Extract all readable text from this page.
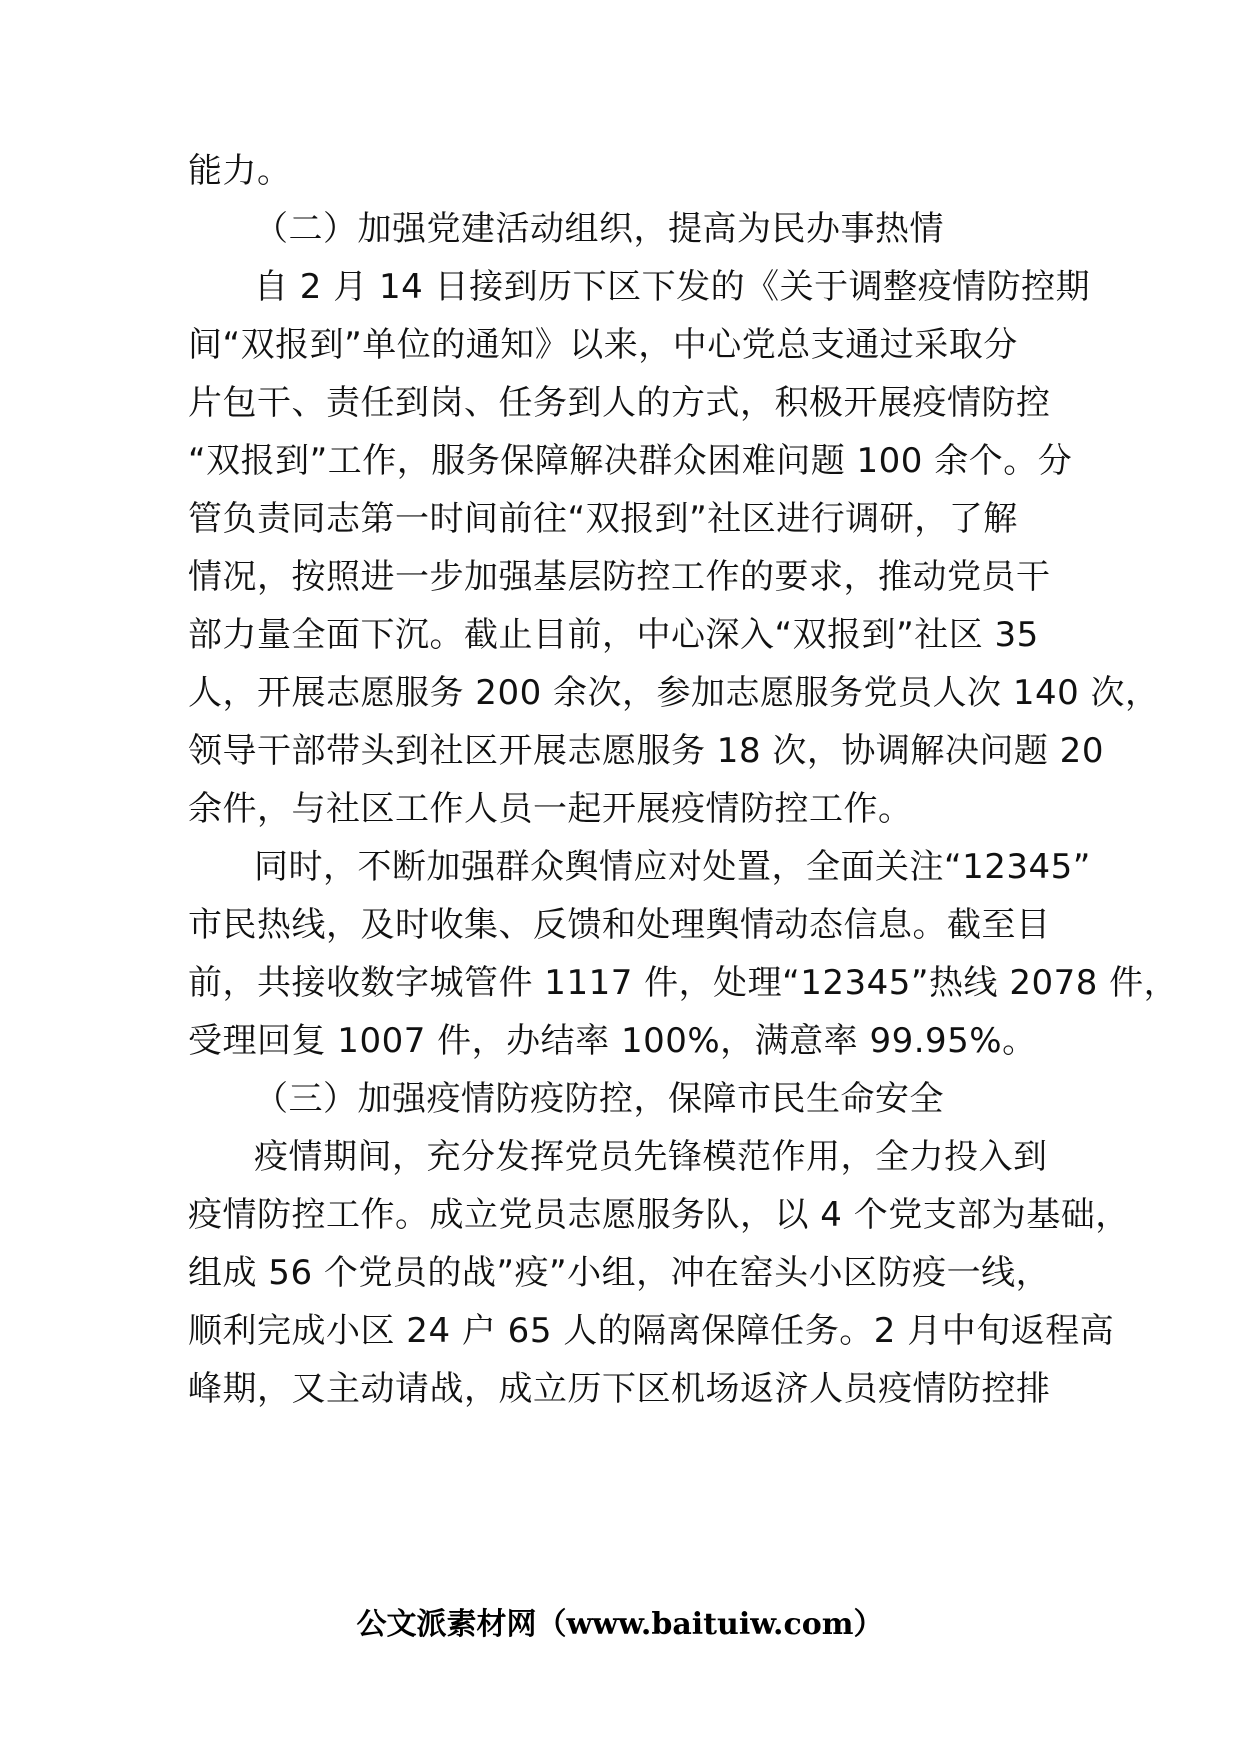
能力。
（二）加强党建活动组织，提高为民办事热情
自 2 月 14 日接到历下区下发的《关于调整疫情防控期
间“双报到”单位的通知》以来，中心党总支通过采取分
片包干、责任到岗、任务到人的方式，积极开展疫情防控
“双报到”工作，服务保障解决群众困难问题 100 余个。分
管负责同志第一时间前往“双报到”社区进行调研，了解
情况，按照进一步加强基层防控工作的要求，推动党员干
部力量全面下沉。截止目前，中心深入“双报到”社区 35
人，开展志愿服务 200 余次，参加志愿服务党员人次 140 次，
领导干部带头到社区开展志愿服务 18 次，协调解决问题 20
余件，与社区工作人员一起开展疫情防控工作。
同时，不断加强群众舆情应对处置，全面关注“12345”
市民热线，及时收集、反馈和处理舆情动态信息。截至目
前，共接收数字城管件 1117 件，处理“12345”热线 2078 件，
受理回复 1007 件，办结率 100%，满意率 99.95%。
（三）加强疫情防疫防控，保障市民生命安全
疫情期间，充分发挥党员先锋模范作用，全力投入到
疫情防控工作。成立党员志愿服务队，以 4 个党支部为基础，
组成 56 个党员的战”疫”小组，冲在窑头小区防疫一线，
顺利完成小区 24 户 65 人的隔离保障任务。2 月中旬返程高
峰期，又主动请战，成立历下区机场返济人员疫情防控排
公文派素材网（www.baituiw.com）
